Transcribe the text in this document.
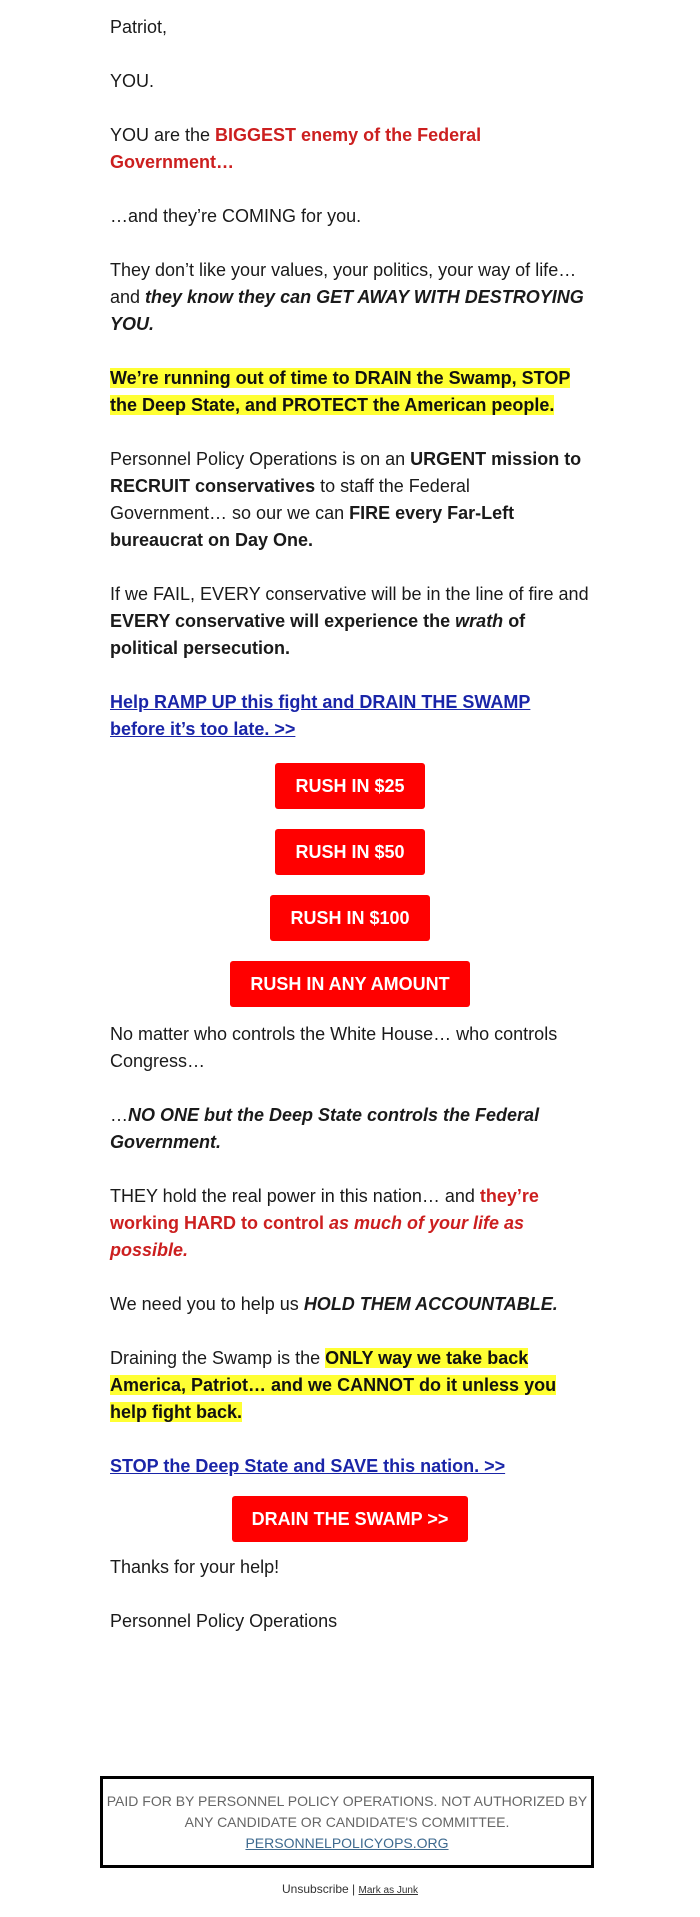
Patriot,

YOU.

YOU are the BIGGEST enemy of the Federal Government…

…and they’re COMING for you.

They don’t like your values, your politics, your way of life… and they know they can GET AWAY WITH DESTROYING YOU.

We’re running out of time to DRAIN the Swamp, STOP the Deep State, and PROTECT the American people.

Personnel Policy Operations is on an URGENT mission to RECRUIT conservatives to staff the Federal Government… so our we can FIRE every Far-Left bureaucrat on Day One.

If we FAIL, EVERY conservative will be in the line of fire and EVERY conservative will experience the wrath of political persecution.

Help RAMP UP this fight and DRAIN THE SWAMP before it’s too late. >>

RUSH IN $25
RUSH IN $50
RUSH IN $100
RUSH IN ANY AMOUNT

No matter who controls the White House… who controls Congress…

…NO ONE but the Deep State controls the Federal Government.

THEY hold the real power in this nation… and they’re working HARD to control as much of your life as possible.

We need you to help us HOLD THEM ACCOUNTABLE.

Draining the Swamp is the ONLY way we take back America, Patriot… and we CANNOT do it unless you help fight back.

STOP the Deep State and SAVE this nation. >>

DRAIN THE SWAMP >>

Thanks for your help!

Personnel Policy Operations

PAID FOR BY PERSONNEL POLICY OPERATIONS. NOT AUTHORIZED BY ANY CANDIDATE OR CANDIDATE'S COMMITTEE.
PERSONNELPOLICYOPS.ORG
Unsubscribe | Mark as Junk
